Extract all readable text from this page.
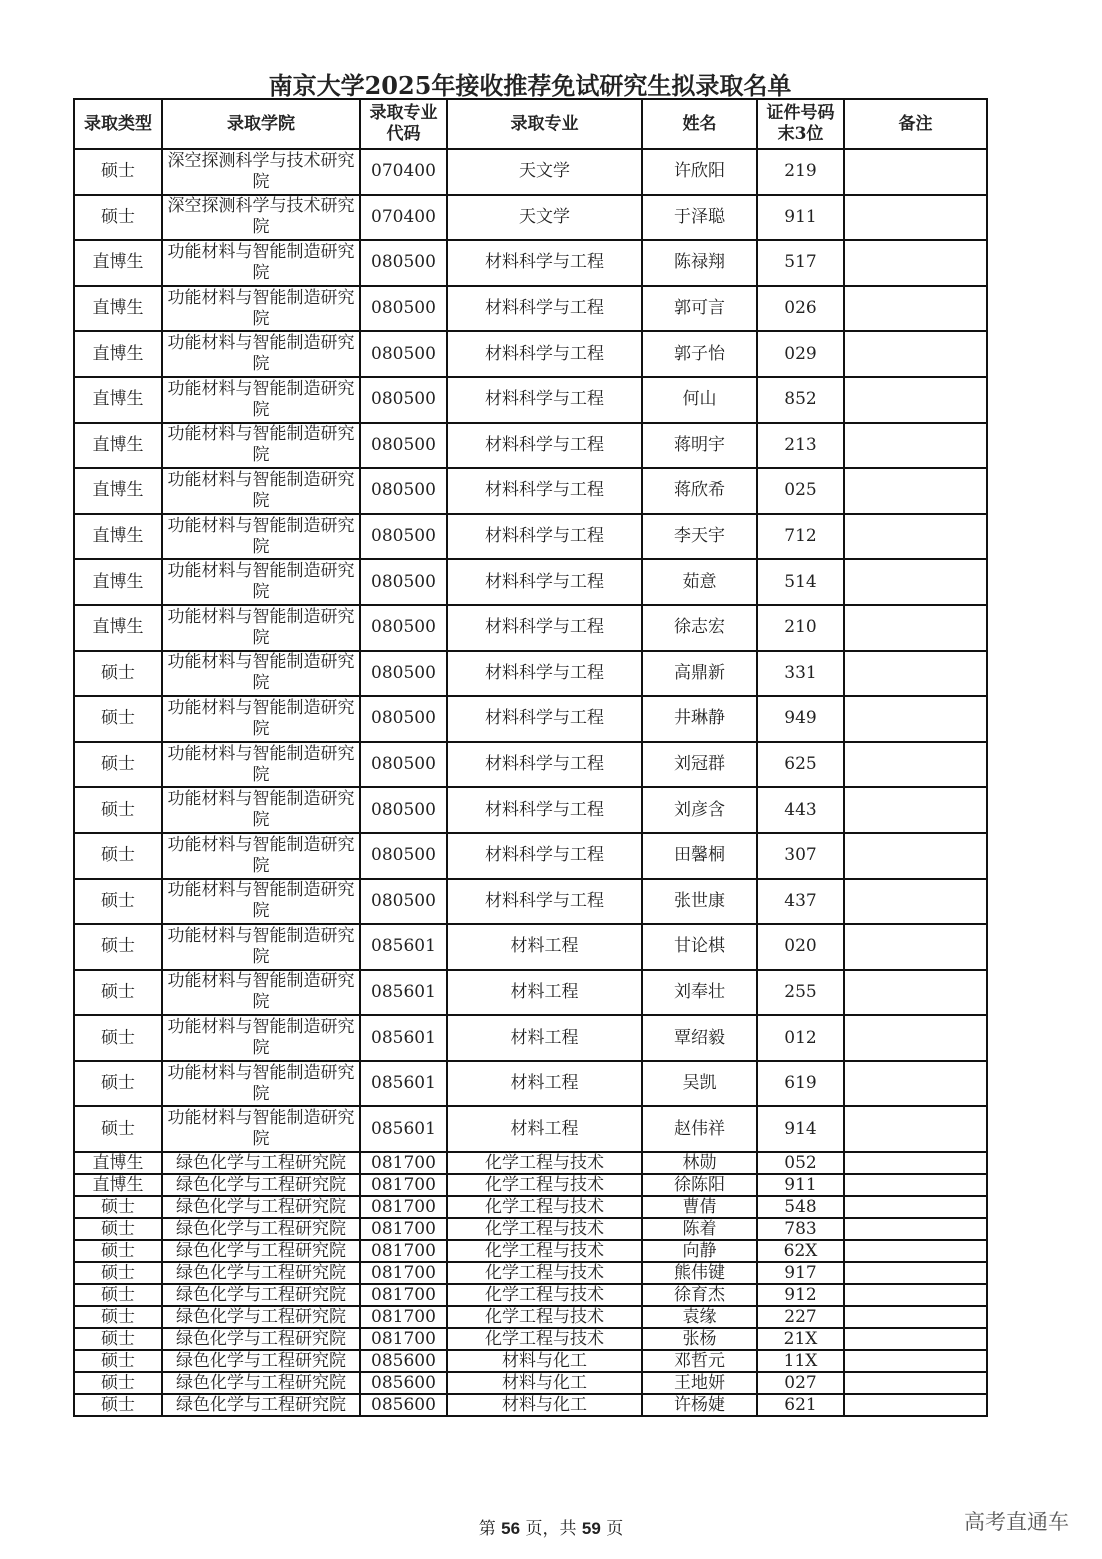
南京大学2025年接收推荐免试研究生拟录取名单
录取类型	录取学院	录取专业代码	录取专业	姓名	证件号码末3位	备注
硕士	深空探测科学与技术研究院	070400	天文学	许欣阳	219	
硕士	深空探测科学与技术研究院	070400	天文学	于泽聪	911	
直博生	功能材料与智能制造研究院	080500	材料科学与工程	陈禄翔	517	
直博生	功能材料与智能制造研究院	080500	材料科学与工程	郭可言	026	
直博生	功能材料与智能制造研究院	080500	材料科学与工程	郭子怡	029	
直博生	功能材料与智能制造研究院	080500	材料科学与工程	何山	852	
直博生	功能材料与智能制造研究院	080500	材料科学与工程	蒋明宇	213	
直博生	功能材料与智能制造研究院	080500	材料科学与工程	蒋欣希	025	
直博生	功能材料与智能制造研究院	080500	材料科学与工程	李天宇	712	
直博生	功能材料与智能制造研究院	080500	材料科学与工程	茹意	514	
直博生	功能材料与智能制造研究院	080500	材料科学与工程	徐志宏	210	
硕士	功能材料与智能制造研究院	080500	材料科学与工程	高鼎新	331	
硕士	功能材料与智能制造研究院	080500	材料科学与工程	井琳静	949	
硕士	功能材料与智能制造研究院	080500	材料科学与工程	刘冠群	625	
硕士	功能材料与智能制造研究院	080500	材料科学与工程	刘彦含	443	
硕士	功能材料与智能制造研究院	080500	材料科学与工程	田馨桐	307	
硕士	功能材料与智能制造研究院	080500	材料科学与工程	张世康	437	
硕士	功能材料与智能制造研究院	085601	材料工程	甘论棋	020	
硕士	功能材料与智能制造研究院	085601	材料工程	刘奉壮	255	
硕士	功能材料与智能制造研究院	085601	材料工程	覃绍毅	012	
硕士	功能材料与智能制造研究院	085601	材料工程	吴凯	619	
硕士	功能材料与智能制造研究院	085601	材料工程	赵伟祥	914	
直博生	绿色化学与工程研究院	081700	化学工程与技术	林勋	052	
直博生	绿色化学与工程研究院	081700	化学工程与技术	徐陈阳	911	
硕士	绿色化学与工程研究院	081700	化学工程与技术	曹倩	548	
硕士	绿色化学与工程研究院	081700	化学工程与技术	陈着	783	
硕士	绿色化学与工程研究院	081700	化学工程与技术	向静	62X	
硕士	绿色化学与工程研究院	081700	化学工程与技术	熊伟键	917	
硕士	绿色化学与工程研究院	081700	化学工程与技术	徐育杰	912	
硕士	绿色化学与工程研究院	081700	化学工程与技术	袁缘	227	
硕士	绿色化学与工程研究院	081700	化学工程与技术	张杨	21X	
硕士	绿色化学与工程研究院	085600	材料与化工	邓哲元	11X	
硕士	绿色化学与工程研究院	085600	材料与化工	王地妍	027	
硕士	绿色化学与工程研究院	085600	材料与化工	许杨婕	621	
第 56 页，共 59 页	高考直通车
